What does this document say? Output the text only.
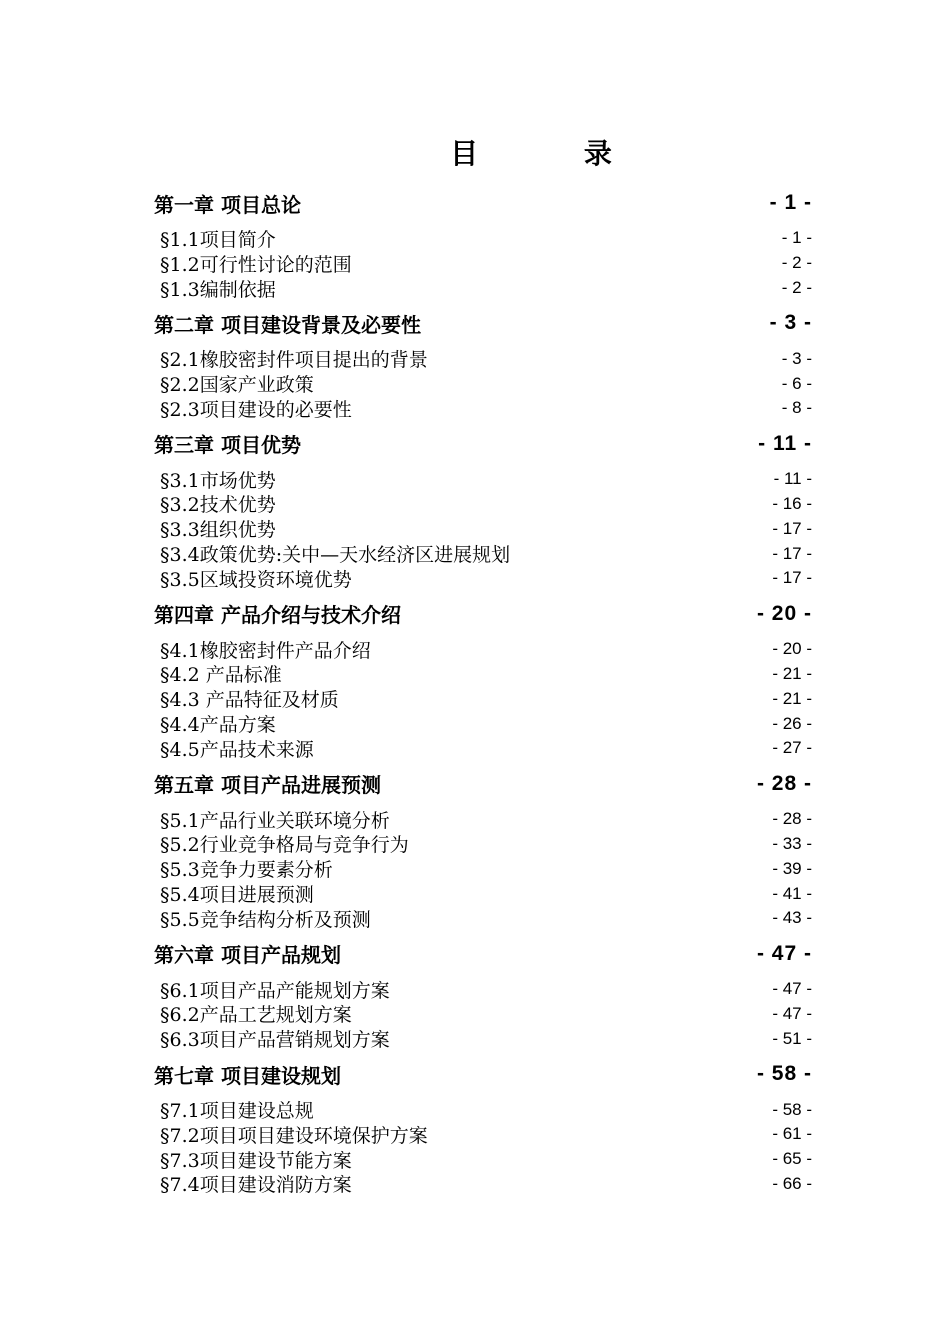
目 录
第一章 项目总论	- 1 -
§1.1项目简介	- 1 -
§1.2可行性讨论的范围	- 2 -
§1.3编制依据	- 2 -
第二章 项目建设背景及必要性	- 3 -
§2.1橡胶密封件项目提出的背景	- 3 -
§2.2国家产业政策	- 6 -
§2.3项目建设的必要性	- 8 -
第三章 项目优势	- 11 -
§3.1市场优势	- 11 -
§3.2技术优势	- 16 -
§3.3组织优势	- 17 -
§3.4政策优势:关中—天水经济区进展规划	- 17 -
§3.5区域投资环境优势	- 17 -
第四章 产品介绍与技术介绍	- 20 -
§4.1橡胶密封件产品介绍	- 20 -
§4.2 产品标准	- 21 -
§4.3 产品特征及材质	- 21 -
§4.4产品方案	- 26 -
§4.5产品技术来源	- 27 -
第五章 项目产品进展预测	- 28 -
§5.1产品行业关联环境分析	- 28 -
§5.2行业竞争格局与竞争行为	- 33 -
§5.3竞争力要素分析	- 39 -
§5.4项目进展预测	- 41 -
§5.5竞争结构分析及预测	- 43 -
第六章 项目产品规划	- 47 -
§6.1项目产品产能规划方案	- 47 -
§6.2产品工艺规划方案	- 47 -
§6.3项目产品营销规划方案	- 51 -
第七章 项目建设规划	- 58 -
§7.1项目建设总规	- 58 -
§7.2项目项目建设环境保护方案	- 61 -
§7.3项目建设节能方案	- 65 -
§7.4项目建设消防方案	- 66 -
